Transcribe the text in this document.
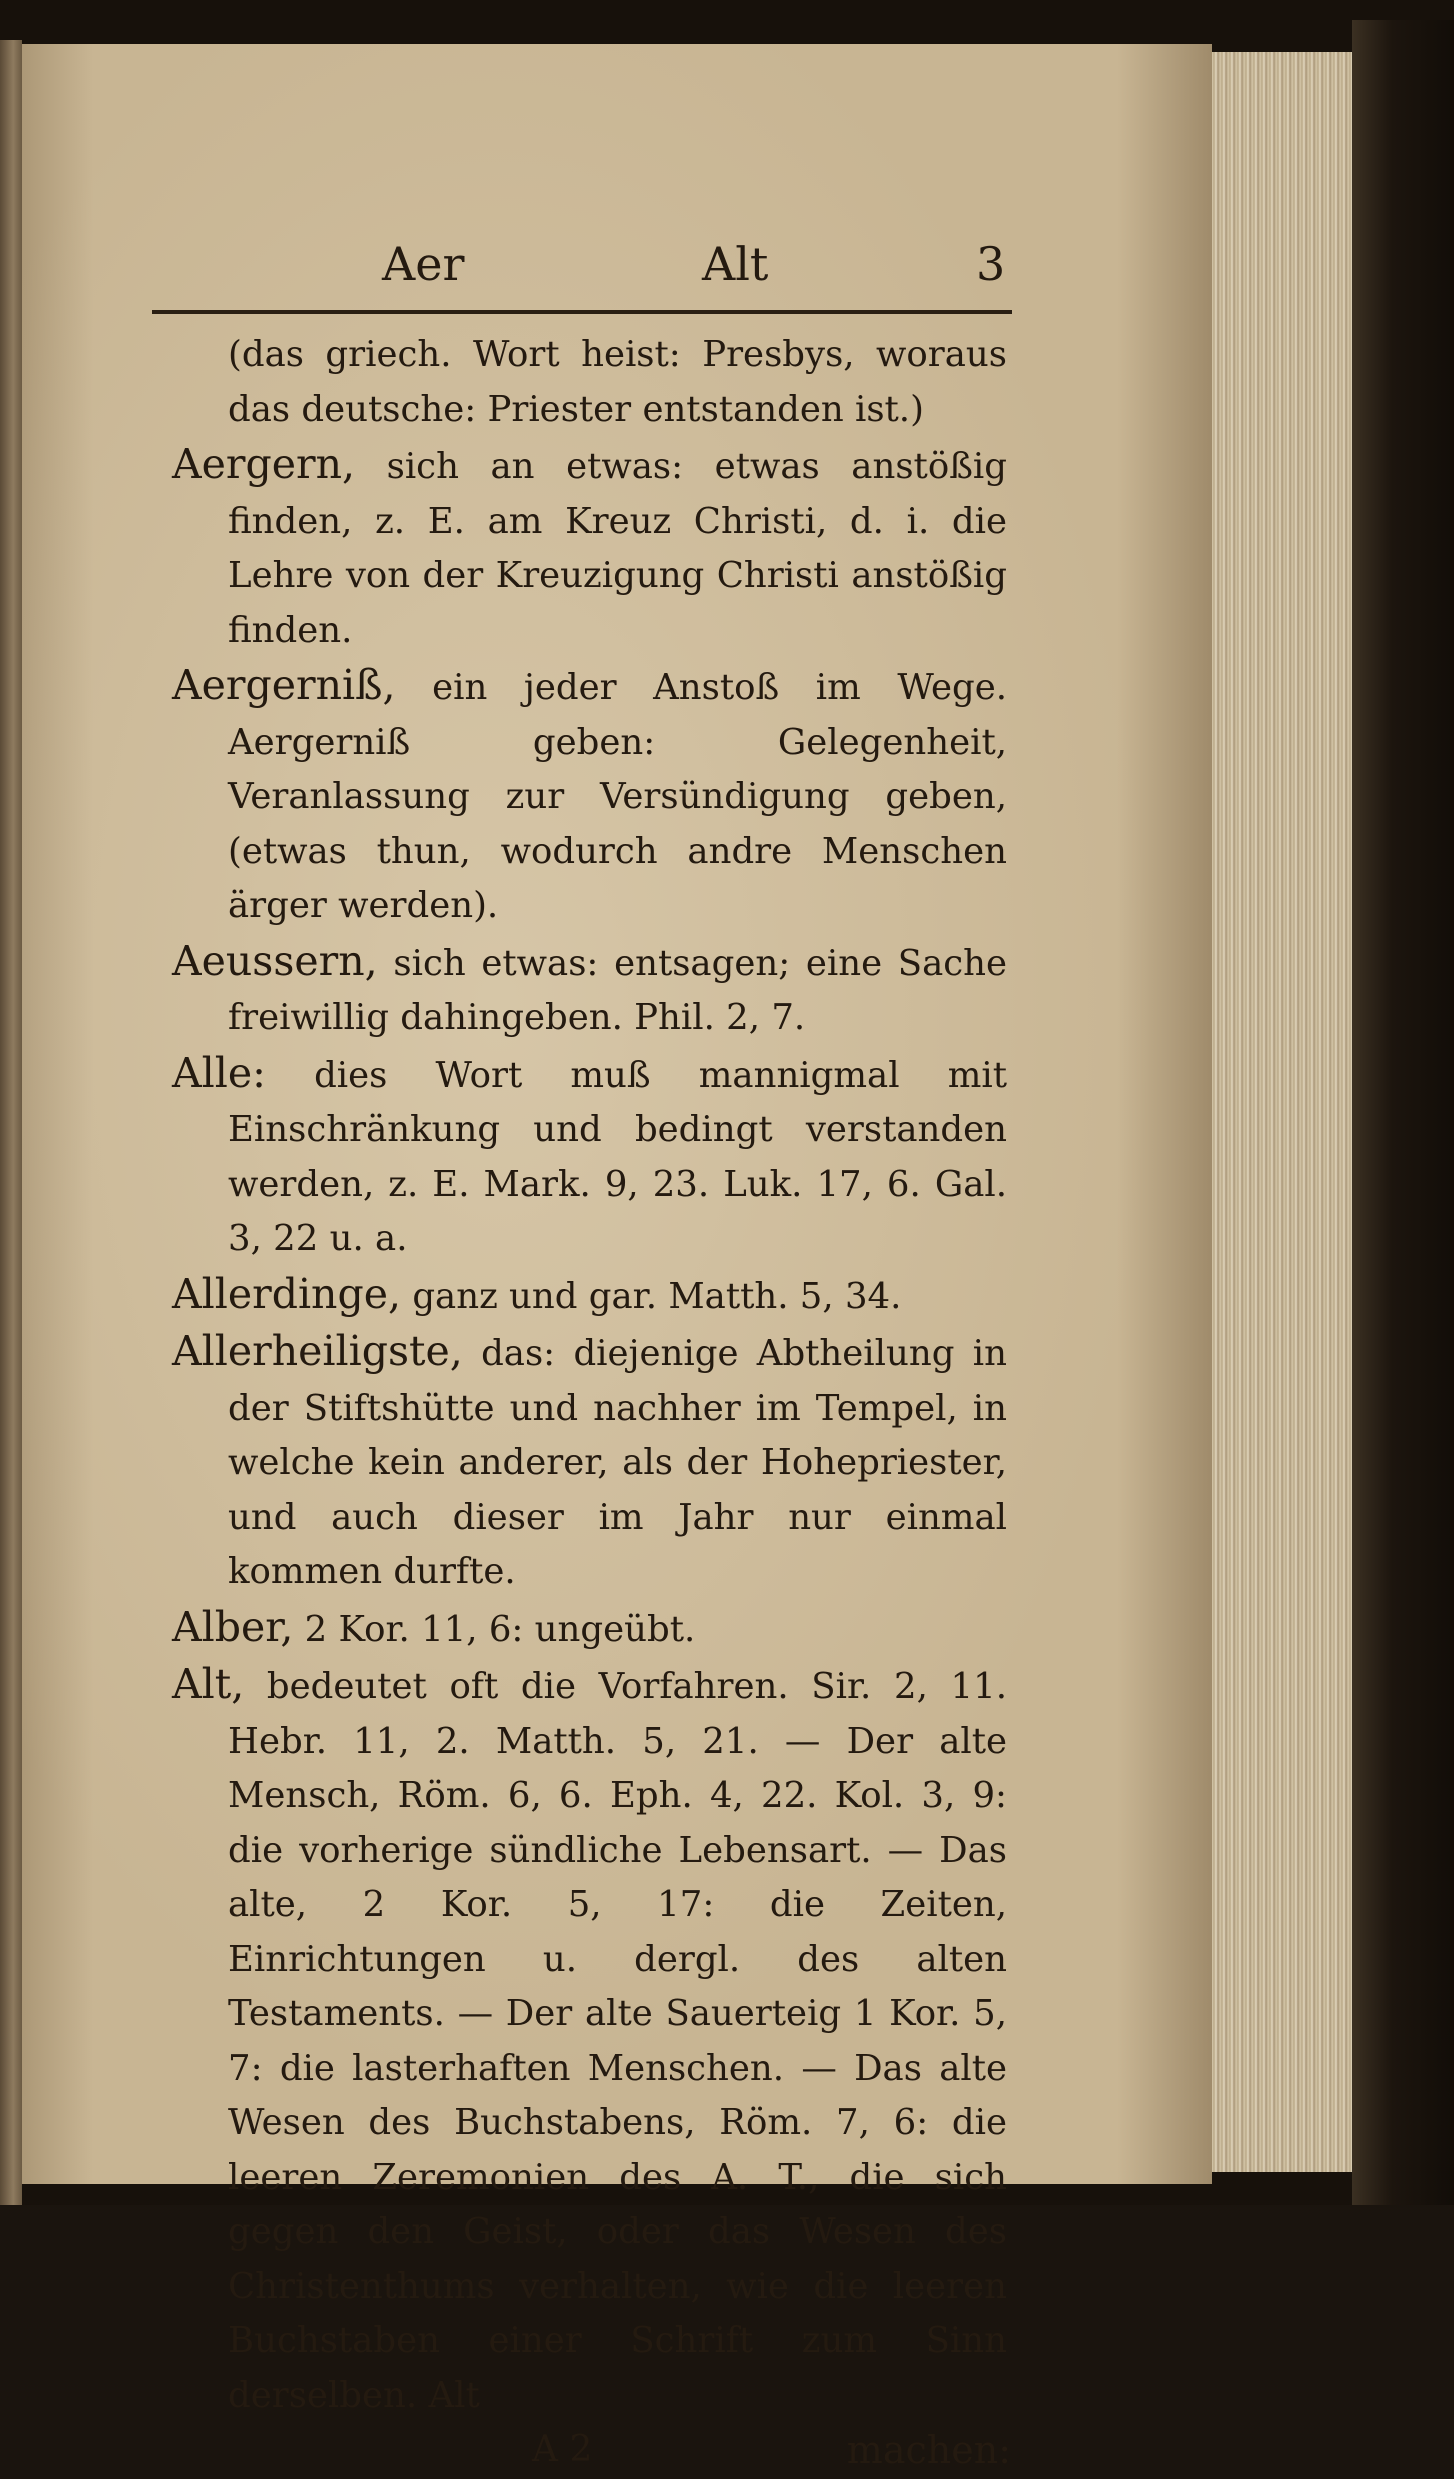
Aer	Alt	3

(das griech. Wort heist: Presbys, woraus das deutsche: Priester entstanden ist.)

Aergern, sich an etwas: etwas anstößig finden, z. E. am Kreuz Christi, d. i. die Lehre von der Kreuzigung Christi anstößig finden.

Aergerniß, ein jeder Anstoß im Wege. Aergerniß geben: Gelegenheit, Veranlassung zur Versündigung geben, (etwas thun, wodurch andre Menschen ärger werden).

Aeussern, sich etwas: entsagen; eine Sache freiwillig dahingeben. Phil. 2, 7.

Alle: dies Wort muß mannigmal mit Einschränkung und bedingt verstanden werden, z. E. Mark. 9, 23. Luk. 17, 6. Gal. 3, 22 u. a.

Allerdinge, ganz und gar. Matth. 5, 34.

Allerheiligste, das: diejenige Abtheilung in der Stiftshütte und nachher im Tempel, in welche kein anderer, als der Hohepriester, und auch dieser im Jahr nur einmal kommen durfte.

Alber, 2 Kor. 11, 6: ungeübt.

Alt, bedeutet oft die Vorfahren. Sir. 2, 11. Hebr. 11, 2. Matth. 5, 21. — Der alte Mensch, Röm. 6, 6. Eph. 4, 22. Kol. 3, 9: die vorherige sündliche Lebensart. — Das alte, 2 Kor. 5, 17: die Zeiten, Einrichtungen u. dergl. des alten Testaments. — Der alte Sauerteig 1 Kor. 5, 7: die lasterhaften Menschen. — Das alte Wesen des Buchstabens, Röm. 7, 6: die leeren Zeremonien des A. T., die sich gegen den Geist, oder das Wesen des Christenthums verhalten, wie die leeren Buchstaben einer Schrift zum Sinn derselben. Alt

A 2	machen:
